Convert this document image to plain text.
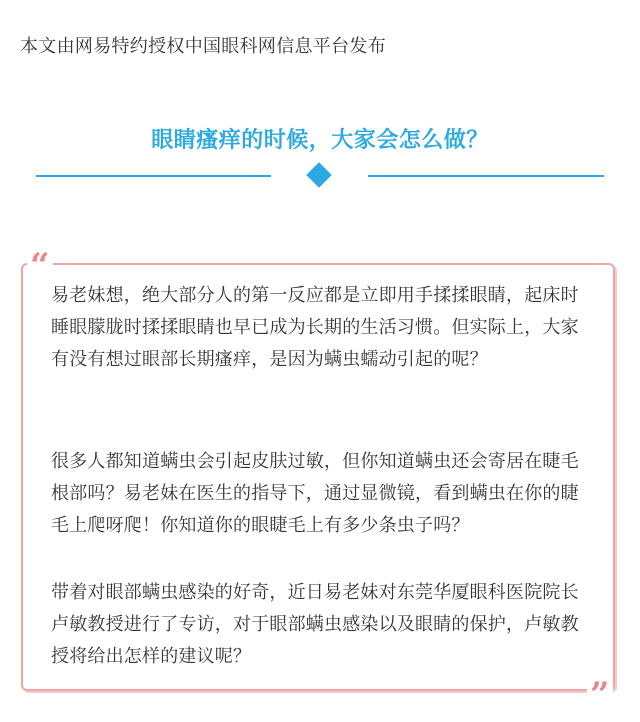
本文由网易特约授权中国眼科网信息平台发布
眼睛瘙痒的时候，大家会怎么做？
“
”

易老妹想，绝大部分人的第一反应都是立即用手揉揉眼睛，起床时睡眼朦胧时揉揉眼睛也早已成为长期的生活习惯。但实际上，大家有没有想过眼部长期瘙痒，是因为螨虫蠕动引起的呢？

很多人都知道螨虫会引起皮肤过敏，但你知道螨虫还会寄居在睫毛根部吗？易老妹在医生的指导下，通过显微镜，看到螨虫在你的睫毛上爬呀爬！你知道你的眼睫毛上有多少条虫子吗？

带着对眼部螨虫感染的好奇，近日易老妹对东莞华厦眼科医院院长卢敏教授进行了专访，对于眼部螨虫感染以及眼睛的保护，卢敏教授将给出怎样的建议呢？
